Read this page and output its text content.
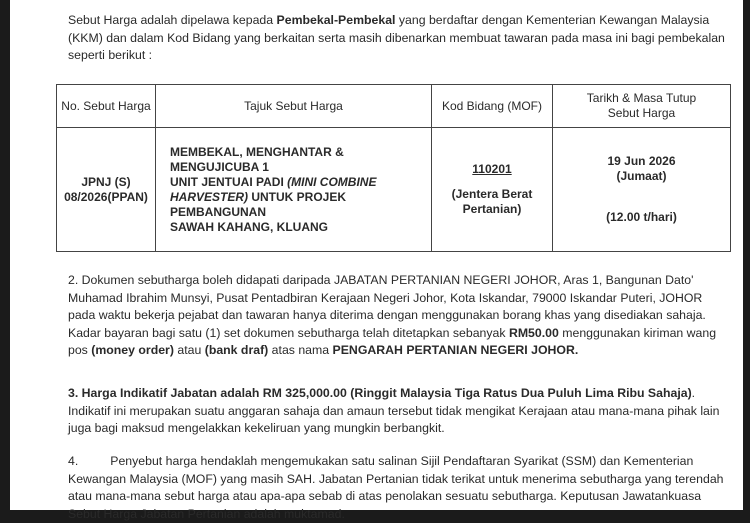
Sebut Harga adalah dipelawa kepada Pembekal-Pembekal yang berdaftar dengan Kementerian Kewangan Malaysia (KKM) dan dalam Kod Bidang yang berkaitan serta masih dibenarkan membuat tawaran pada masa ini bagi pembekalan seperti berikut :

No. Sebut Harga	Tajuk Sebut Harga	Kod Bidang (MOF)	Tarikh & Masa Tutup Sebut Harga

JPNJ (S)
08/2026(PPAN)	MEMBEKAL, MENGHANTAR & MENGUJICUBA 1
UNIT JENTUAI PADI (MINI COMBINE
HARVESTER) UNTUK PROJEK PEMBANGUNAN
SAWAH KAHANG, KLUANG	110201
(Jentera Berat
Pertanian)	19 Jun 2026
(Jumaat)
(12.00 t/hari)

2. Dokumen sebutharga boleh didapati daripada JABATAN PERTANIAN NEGERI JOHOR, Aras 1, Bangunan Dato' Muhamad Ibrahim Munsyi, Pusat Pentadbiran Kerajaan Negeri Johor, Kota Iskandar, 79000 Iskandar Puteri, JOHOR pada waktu bekerja pejabat dan tawaran hanya diterima dengan menggunakan borang khas yang disediakan sahaja. Kadar bayaran bagi satu (1) set dokumen sebutharga telah ditetapkan sebanyak RM50.00 menggunakan kiriman wang pos (money order) atau (bank draf) atas nama PENGARAH PERTANIAN NEGERI JOHOR.

3. Harga Indikatif Jabatan adalah RM 325,000.00 (Ringgit Malaysia Tiga Ratus Dua Puluh Lima Ribu Sahaja). Indikatif ini merupakan suatu anggaran sahaja dan amaun tersebut tidak mengikat Kerajaan atau mana-mana pihak lain juga bagi maksud mengelakkan kekeliruan yang mungkin berbangkit.

4.	Penyebut harga hendaklah mengemukakan satu salinan Sijil Pendaftaran Syarikat (SSM) dan Kementerian Kewangan Malaysia (MOF) yang masih SAH. Jabatan Pertanian tidak terikat untuk menerima sebutharga yang terendah atau mana-mana sebut harga atau apa-apa sebab di atas penolakan sesuatu sebutharga. Keputusan Jawatankuasa Sebut Harga Jabatan Pertanian adalah muktamad.
